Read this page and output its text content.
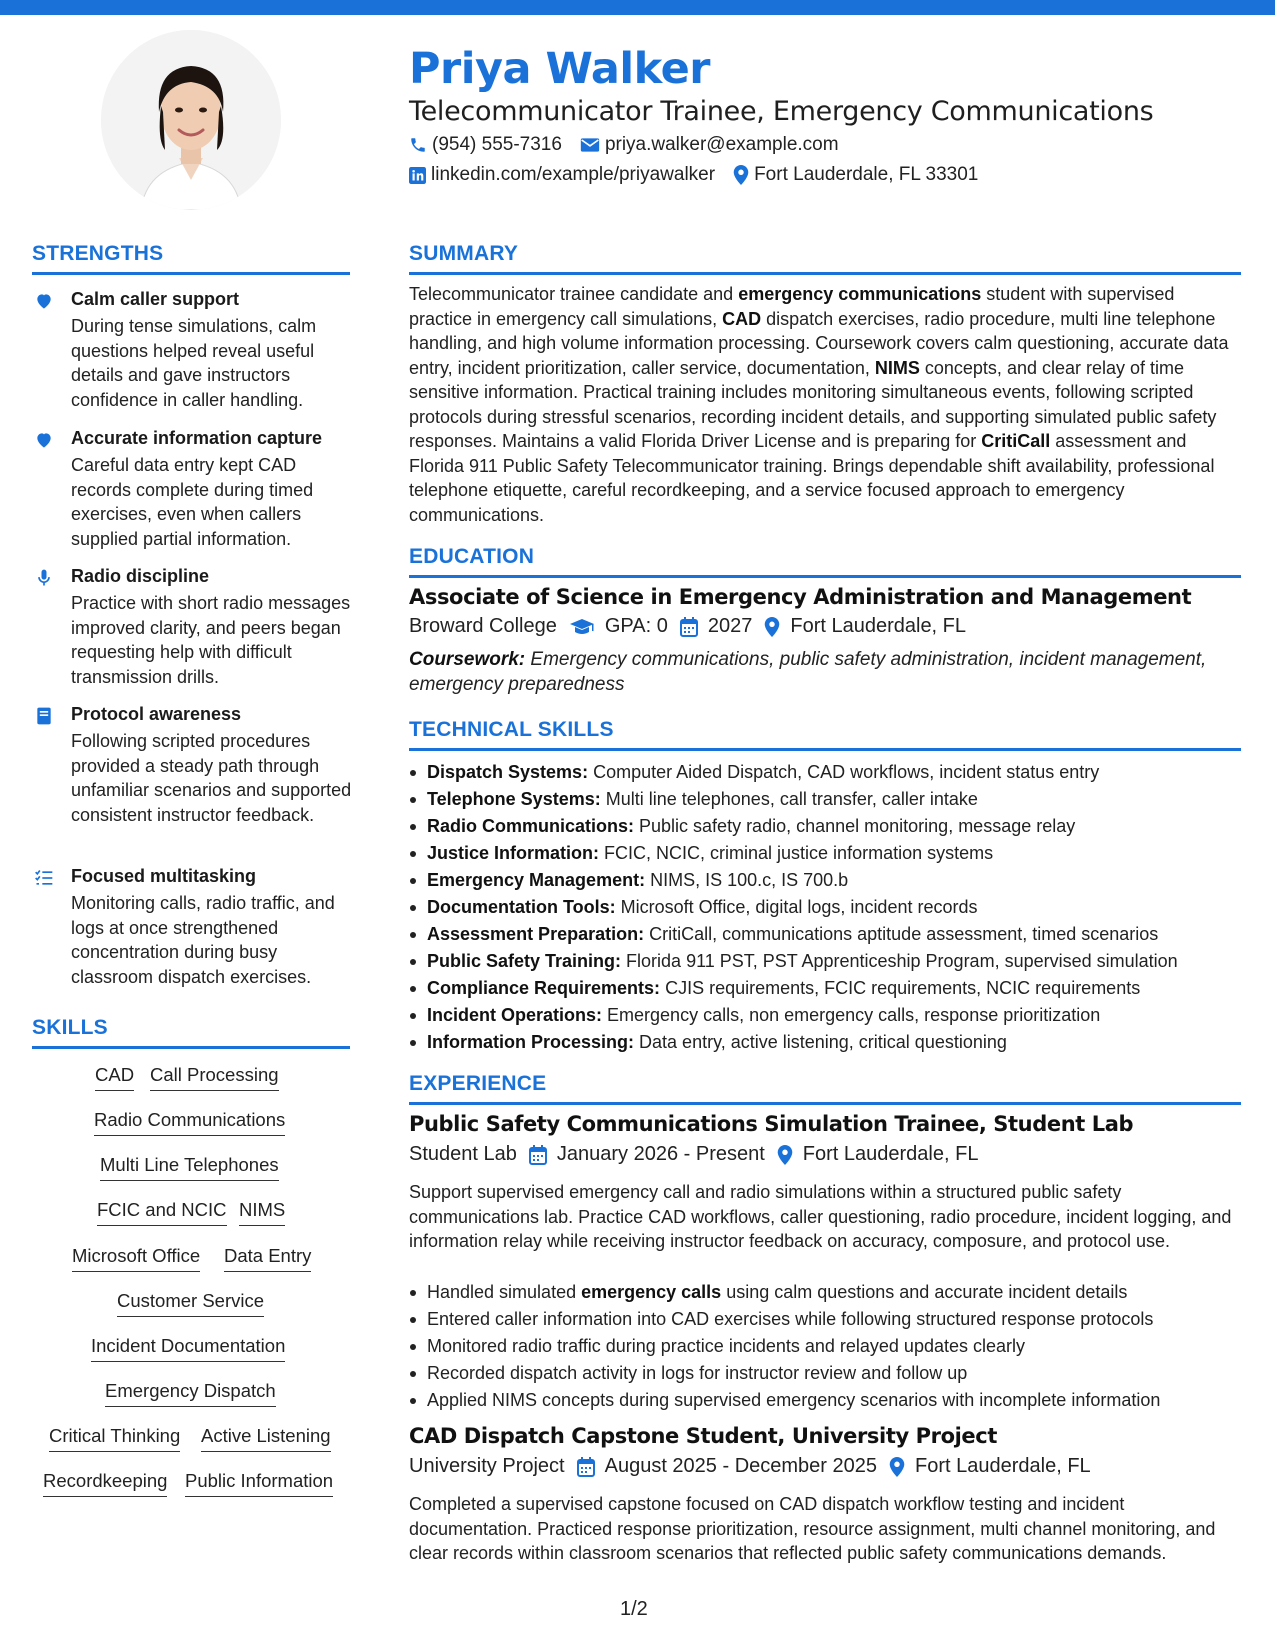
Priya Walker
Telecommunicator Trainee, Emergency Communications
(954) 555-7316 priya.walker@example.com
linkedin.com/example/priyawalker Fort Lauderdale, FL 33301
STRENGTHS
Calm caller support
During tense simulations, calm questions helped reveal useful details and gave instructors confidence in caller handling.
Accurate information capture
Careful data entry kept CAD records complete during timed exercises, even when callers supplied partial information.
Radio discipline
Practice with short radio messages improved clarity, and peers began requesting help with difficult transmission drills.
Protocol awareness
Following scripted procedures provided a steady path through unfamiliar scenarios and supported consistent instructor feedback.
Focused multitasking
Monitoring calls, radio traffic, and logs at once strengthened concentration during busy classroom dispatch exercises.
SKILLS
CAD Call Processing
Radio Communications
Multi Line Telephones
FCIC and NCIC NIMS
Microsoft Office Data Entry
Customer Service
Incident Documentation
Emergency Dispatch
Critical Thinking Active Listening
Recordkeeping Public Information
SUMMARY
Telecommunicator trainee candidate and emergency communications student with supervised practice in emergency call simulations, CAD dispatch exercises, radio procedure, multi line telephone handling, and high volume information processing. Coursework covers calm questioning, accurate data entry, incident prioritization, caller service, documentation, NIMS concepts, and clear relay of time sensitive information. Practical training includes monitoring simultaneous events, following scripted protocols during stressful scenarios, recording incident details, and supporting simulated public safety responses. Maintains a valid Florida Driver License and is preparing for CritiCall assessment and Florida 911 Public Safety Telecommunicator training. Brings dependable shift availability, professional telephone etiquette, careful recordkeeping, and a service focused approach to emergency communications.
EDUCATION
Associate of Science in Emergency Administration and Management
Broward College GPA: 0 2027 Fort Lauderdale, FL
Coursework: Emergency communications, public safety administration, incident management, emergency preparedness
TECHNICAL SKILLS
Dispatch Systems: Computer Aided Dispatch, CAD workflows, incident status entry
Telephone Systems: Multi line telephones, call transfer, caller intake
Radio Communications: Public safety radio, channel monitoring, message relay
Justice Information: FCIC, NCIC, criminal justice information systems
Emergency Management: NIMS, IS 100.c, IS 700.b
Documentation Tools: Microsoft Office, digital logs, incident records
Assessment Preparation: CritiCall, communications aptitude assessment, timed scenarios
Public Safety Training: Florida 911 PST, PST Apprenticeship Program, supervised simulation
Compliance Requirements: CJIS requirements, FCIC requirements, NCIC requirements
Incident Operations: Emergency calls, non emergency calls, response prioritization
Information Processing: Data entry, active listening, critical questioning
EXPERIENCE
Public Safety Communications Simulation Trainee, Student Lab
Student Lab January 2026 - Present Fort Lauderdale, FL
Support supervised emergency call and radio simulations within a structured public safety communications lab. Practice CAD workflows, caller questioning, radio procedure, incident logging, and information relay while receiving instructor feedback on accuracy, composure, and protocol use.
Handled simulated emergency calls using calm questions and accurate incident details
Entered caller information into CAD exercises while following structured response protocols
Monitored radio traffic during practice incidents and relayed updates clearly
Recorded dispatch activity in logs for instructor review and follow up
Applied NIMS concepts during supervised emergency scenarios with incomplete information
CAD Dispatch Capstone Student, University Project
University Project August 2025 - December 2025 Fort Lauderdale, FL
Completed a supervised capstone focused on CAD dispatch workflow testing and incident documentation. Practiced response prioritization, resource assignment, multi channel monitoring, and clear records within classroom scenarios that reflected public safety communications demands.
1/2
